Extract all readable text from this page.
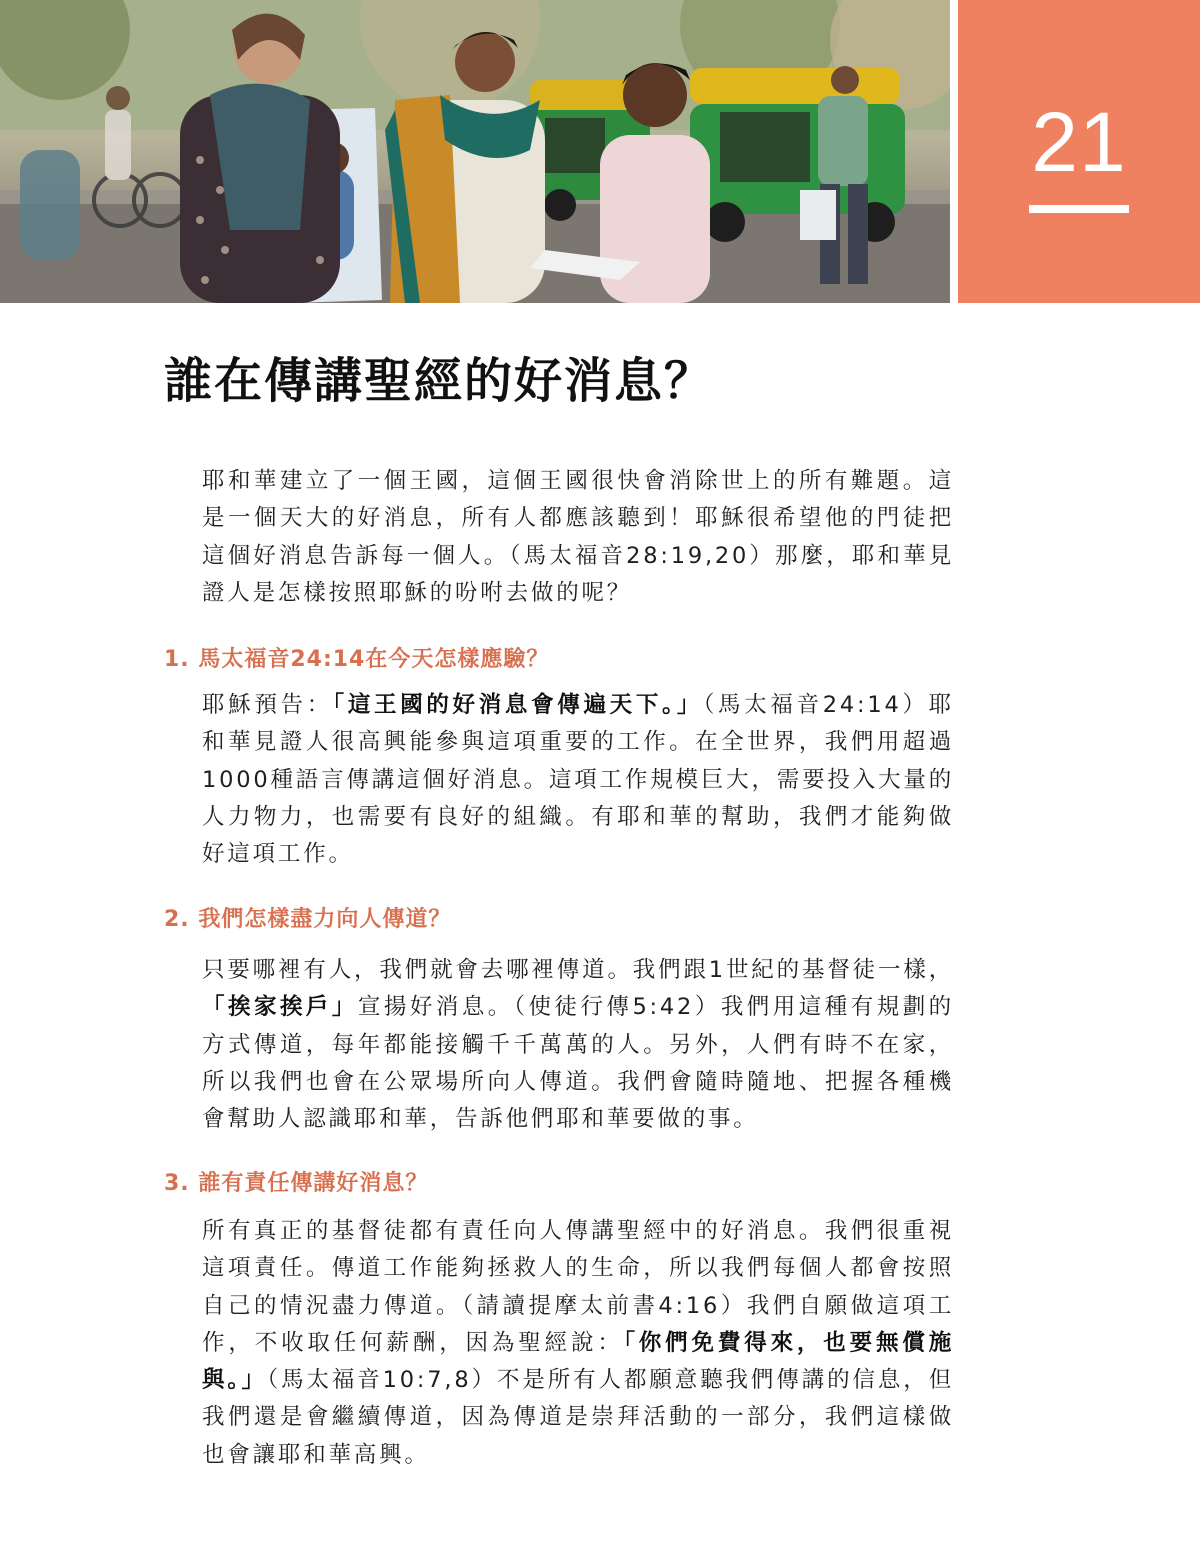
21
誰在傳講聖經的好消息？

耶和華建立了一個王國，這個王國很快會消除世上的所有難題。這是一個天大的好消息，所有人都應該聽到！耶穌很希望他的門徒把這個好消息告訴每一個人。（馬太福音28:19,20）那麼，耶和華見證人是怎樣按照耶穌的吩咐去做的呢？

1. 馬太福音24:14在今天怎樣應驗？

耶穌預告：「這王國的好消息會傳遍天下。」（馬太福音24:14）耶和華見證人很高興能參與這項重要的工作。在全世界，我們用超過1000種語言傳講這個好消息。這項工作規模巨大，需要投入大量的人力物力，也需要有良好的組織。有耶和華的幫助，我們才能夠做好這項工作。

2. 我們怎樣盡力向人傳道？

只要哪裡有人，我們就會去哪裡傳道。我們跟1世紀的基督徒一樣，「挨家挨戶」宣揚好消息。（使徒行傳5:42）我們用這種有規劃的方式傳道，每年都能接觸千千萬萬的人。另外，人們有時不在家，所以我們也會在公眾場所向人傳道。我們會隨時隨地、把握各種機會幫助人認識耶和華，告訴他們耶和華要做的事。

3. 誰有責任傳講好消息？

所有真正的基督徒都有責任向人傳講聖經中的好消息。我們很重視這項責任。傳道工作能夠拯救人的生命，所以我們每個人都會按照自己的情況盡力傳道。（請讀提摩太前書4:16）我們自願做這項工作，不收取任何薪酬，因為聖經說：「你們免費得來，也要無償施與。」（馬太福音10:7,8）不是所有人都願意聽我們傳講的信息，但我們還是會繼續傳道，因為傳道是崇拜活動的一部分，我們這樣做也會讓耶和華高興。
